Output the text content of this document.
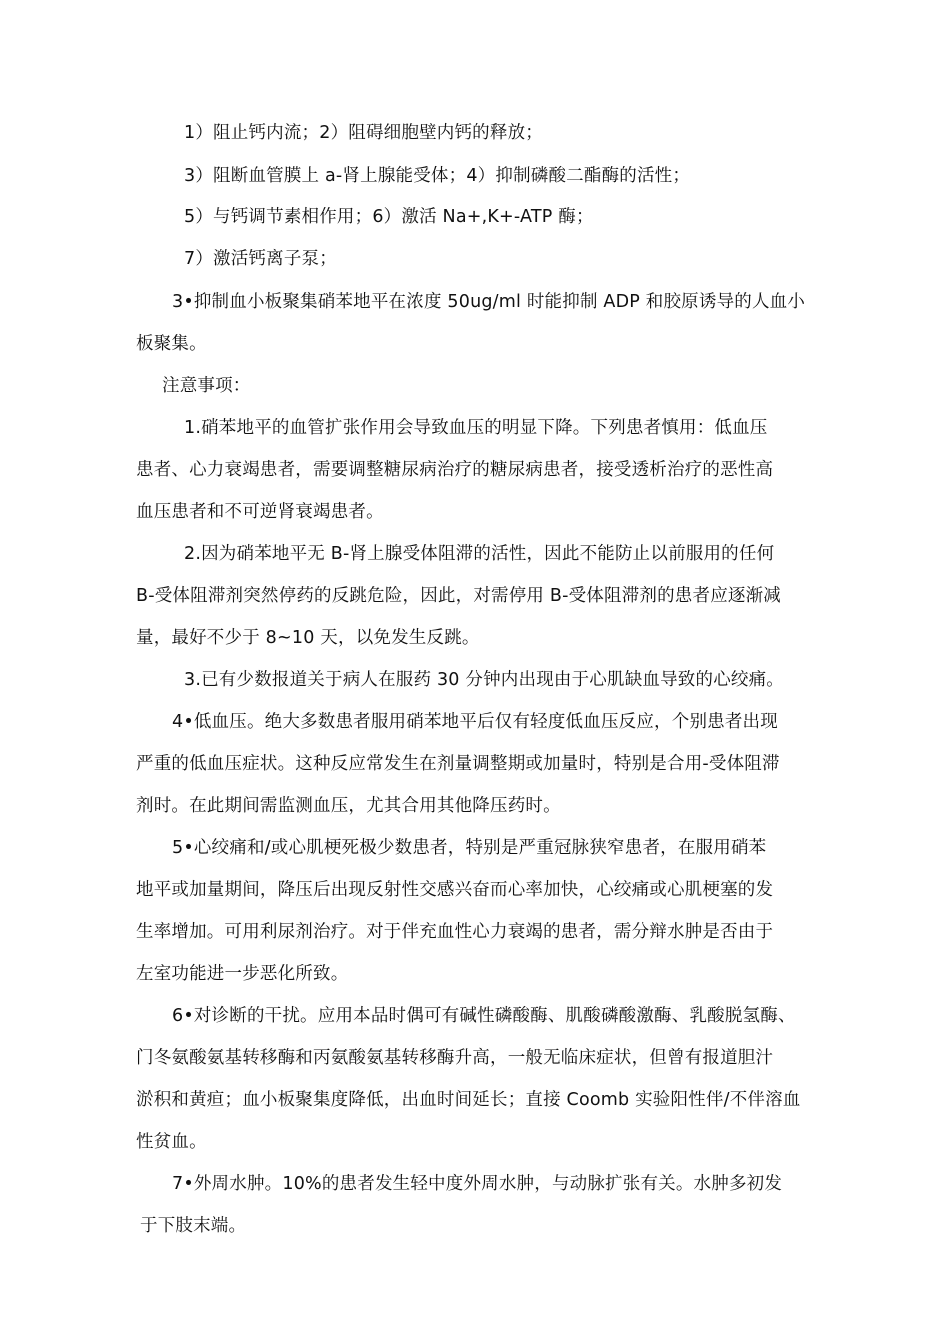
1）阻止钙内流；2）阻碍细胞壁内钙的释放；
3）阻断血管膜上 a-肾上腺能受体；4）抑制磷酸二酯酶的活性；
5）与钙调节素相作用；6）激活 Na+,K+-ATP 酶；
7）激活钙离子泵；
3•抑制血小板聚集硝苯地平在浓度 50ug/ml 时能抑制 ADP 和胶原诱导的人血小
板聚集。
注意事项：
1.硝苯地平的血管扩张作用会导致血压的明显下降。下列患者慎用：低血压
患者、心力衰竭患者，需要调整糖尿病治疗的糖尿病患者，接受透析治疗的恶性高
血压患者和不可逆肾衰竭患者。
2.因为硝苯地平无 B-肾上腺受体阻滞的活性，因此不能防止以前服用的任何
B-受体阻滞剂突然停药的反跳危险，因此，对需停用 B-受体阻滞剂的患者应逐渐减
量，最好不少于 8~10 天，以免发生反跳。
3.已有少数报道关于病人在服药 30 分钟内出现由于心肌缺血导致的心绞痛。
4•低血压。绝大多数患者服用硝苯地平后仅有轻度低血压反应，个别患者出现
严重的低血压症状。这种反应常发生在剂量调整期或加量时，特别是合用-受体阻滞
剂时。在此期间需监测血压，尤其合用其他降压药时。
5•心绞痛和/或心肌梗死极少数患者，特别是严重冠脉狭窄患者，在服用硝苯
地平或加量期间，降压后出现反射性交感兴奋而心率加快，心绞痛或心肌梗塞的发
生率增加。可用利尿剂治疗。对于伴充血性心力衰竭的患者，需分辩水肿是否由于
左室功能进一步恶化所致。
6•对诊断的干扰。应用本品时偶可有碱性磷酸酶、肌酸磷酸激酶、乳酸脱氢酶、
门冬氨酸氨基转移酶和丙氨酸氨基转移酶升高，一般无临床症状，但曾有报道胆汁
淤积和黄疸；血小板聚集度降低，出血时间延长；直接 Coomb 实验阳性伴/不伴溶血
性贫血。
7•外周水肿。10%的患者发生轻中度外周水肿，与动脉扩张有关。水肿多初发
于下肢末端。
